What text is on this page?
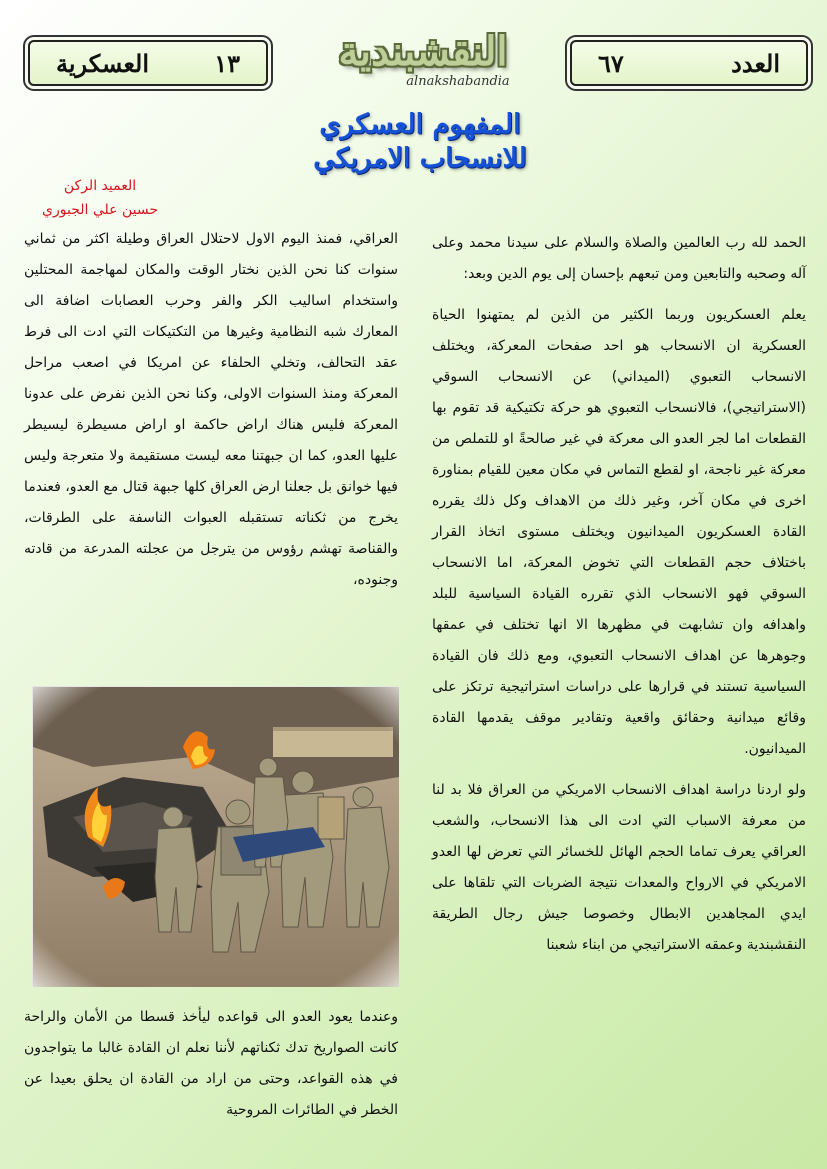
٦٧	العدد
النقشبندية
alnakshabandia
العسكرية	١٣
المفهوم العسكري
للانسحاب الامريكي
العميد الركن
حسين علي الجبوري

الحمد لله رب العالمين والصلاة والسلام على سيدنا محمد وعلى آله وصحبه والتابعين ومن تبعهم بإحسان إلى يوم الدين وبعد:

يعلم العسكريون وربما الكثير من الذين لم يمتهنوا الحياة العسكرية ان الانسحاب هو احد صفحات المعركة، ويختلف الانسحاب التعبوي (الميداني) عن الانسحاب السوقي (الاستراتيجي)، فالانسحاب التعبوي هو حركة تكتيكية قد تقوم بها القطعات اما لجر العدو الى معركة في غير صالحةً او للتملص من معركة غير ناجحة، او لقطع التماس في مكان معين للقيام بمناورة اخرى في مكان آخر، وغير ذلك من الاهداف وكل ذلك يقرره القادة العسكريون الميدانيون ويختلف مستوى اتخاذ القرار باختلاف حجم القطعات التي تخوض المعركة، اما الانسحاب السوقي فهو الانسحاب الذي تقرره القيادة السياسية للبلد واهدافه وان تشابهت في مظهرها الا انها تختلف في عمقها وجوهرها عن اهداف الانسحاب التعبوي، ومع ذلك فان القيادة السياسية تستند في قرارها على دراسات استراتيجية ترتكز على وقائع ميدانية وحقائق واقعية وتقادير موقف يقدمها القادة الميدانيون.

ولو اردنا دراسة اهداف الانسحاب الامريكي من العراق فلا بد لنا من معرفة الاسباب التي ادت الى هذا الانسحاب، والشعب العراقي يعرف تماما الحجم الهائل للخسائر التي تعرض لها العدو الامريكي في الارواح والمعدات نتيجة الضربات التي تلقاها على ايدي المجاهدين الابطال وخصوصا جيش رجال الطريقة النقشبندية وعمقه الاستراتيجي من ابناء شعبنا

العراقي، فمنذ اليوم الاول لاحتلال العراق وطيلة اكثر من ثماني سنوات كنا نحن الذين نختار الوقت والمكان لمهاجمة المحتلين واستخدام اساليب الكر والفر وحرب العصابات اضافة الى المعارك شبه النظامية وغيرها من التكتيكات التي ادت الى فرط عقد التحالف، وتخلي الحلفاء عن امريكا في اصعب مراحل المعركة ومنذ السنوات الاولى، وكنا نحن الذين نفرض على عدونا المعركة فليس هناك اراض حاكمة او اراض مسيطرة ليسيطر عليها العدو، كما ان جبهتنا معه ليست مستقيمة ولا متعرجة وليس فيها خوانق بل جعلنا ارض العراق كلها جبهة قتال مع العدو، فعندما يخرج من ثكناته تستقبله العبوات الناسفة على الطرقات، والقناصة تهشم رؤوس من يترجل من عجلته المدرعة من قادته وجنوده،

وعندما يعود العدو الى قواعده ليأخذ قسطا من الأمان والراحة كانت الصواريخ تدك ثكناتهم لأننا نعلم ان القادة غالبا ما يتواجدون في هذه القواعد، وحتى من اراد من القادة ان يحلق بعيدا عن الخطر في الطائرات المروحية
